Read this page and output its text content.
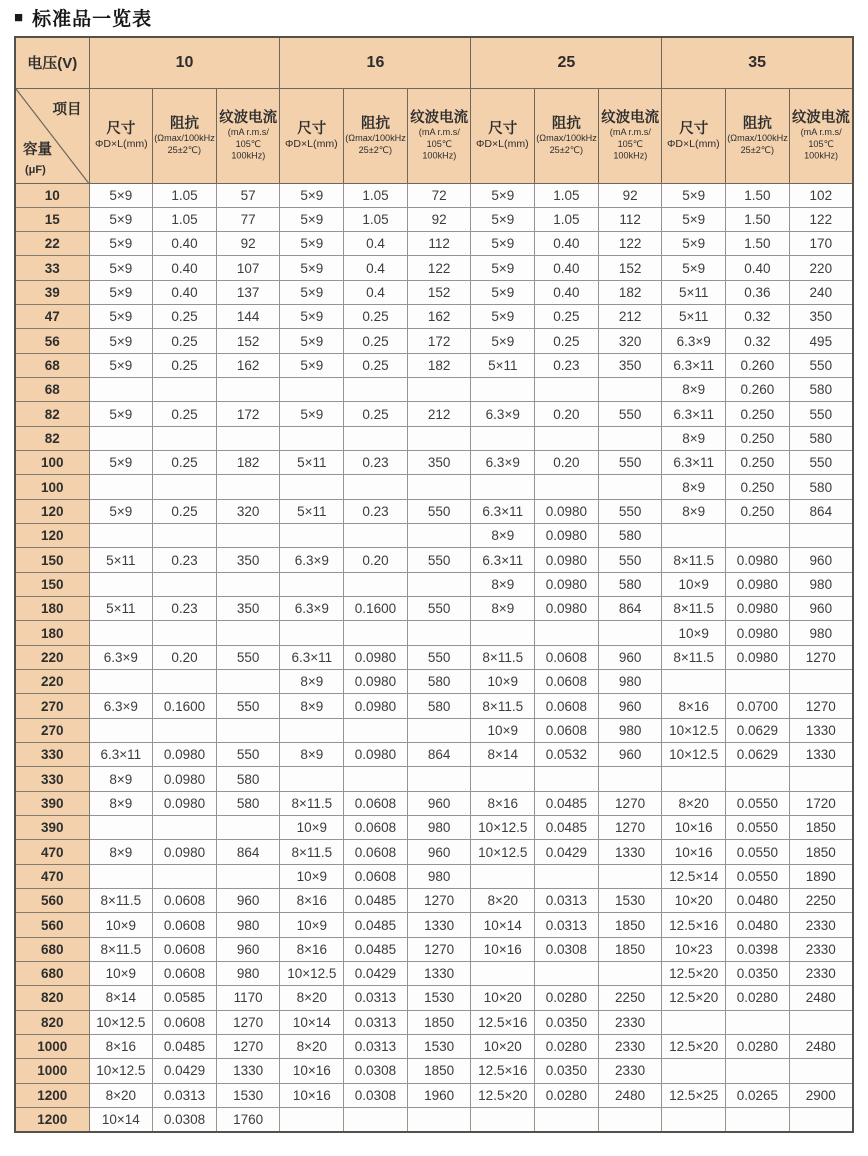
■ 标准品一览表
电压(V)	10			16			25			35		

项目
容量
(μF)	尺寸
ΦD×L(mm)	阻抗
(Ωmax/100kHz
25±2℃)	纹波电流
(mA r.m.s/
105℃ 100kHz)	尺寸
ΦD×L(mm)	阻抗
(Ωmax/100kHz
25±2℃)	纹波电流
(mA r.m.s/
105℃ 100kHz)	尺寸
ΦD×L(mm)	阻抗
(Ωmax/100kHz
25±2℃)	纹波电流
(mA r.m.s/
105℃ 100kHz)	尺寸
ΦD×L(mm)	阻抗
(Ωmax/100kHz
25±2℃)	纹波电流
(mA r.m.s/
105℃ 100kHz)

10	5×9	1.05	57	5×9	1.05	72	5×9	1.05	92	5×9	1.50	102
15	5×9	1.05	77	5×9	1.05	92	5×9	1.05	112	5×9	1.50	122
22	5×9	0.40	92	5×9	0.4	112	5×9	0.40	122	5×9	1.50	170
33	5×9	0.40	107	5×9	0.4	122	5×9	0.40	152	5×9	0.40	220
39	5×9	0.40	137	5×9	0.4	152	5×9	0.40	182	5×11	0.36	240
47	5×9	0.25	144	5×9	0.25	162	5×9	0.25	212	5×11	0.32	350
56	5×9	0.25	152	5×9	0.25	172	5×9	0.25	320	6.3×9	0.32	495
68	5×9	0.25	162	5×9	0.25	182	5×11	0.23	350	6.3×11	0.260	550
68										8×9	0.260	580
82	5×9	0.25	172	5×9	0.25	212	6.3×9	0.20	550	6.3×11	0.250	550
82										8×9	0.250	580
100	5×9	0.25	182	5×11	0.23	350	6.3×9	0.20	550	6.3×11	0.250	550
100										8×9	0.250	580
120	5×9	0.25	320	5×11	0.23	550	6.3×11	0.0980	550	8×9	0.250	864
120							8×9	0.0980	580			
150	5×11	0.23	350	6.3×9	0.20	550	6.3×11	0.0980	550	8×11.5	0.0980	960
150							8×9	0.0980	580	10×9	0.0980	980
180	5×11	0.23	350	6.3×9	0.1600	550	8×9	0.0980	864	8×11.5	0.0980	960
180										10×9	0.0980	980
220	6.3×9	0.20	550	6.3×11	0.0980	550	8×11.5	0.0608	960	8×11.5	0.0980	1270
220				8×9	0.0980	580	10×9	0.0608	980			
270	6.3×9	0.1600	550	8×9	0.0980	580	8×11.5	0.0608	960	8×16	0.0700	1270
270							10×9	0.0608	980	10×12.5	0.0629	1330
330	6.3×11	0.0980	550	8×9	0.0980	864	8×14	0.0532	960	10×12.5	0.0629	1330
330	8×9	0.0980	580									
390	8×9	0.0980	580	8×11.5	0.0608	960	8×16	0.0485	1270	8×20	0.0550	1720
390				10×9	0.0608	980	10×12.5	0.0485	1270	10×16	0.0550	1850
470	8×9	0.0980	864	8×11.5	0.0608	960	10×12.5	0.0429	1330	10×16	0.0550	1850
470				10×9	0.0608	980				12.5×14	0.0550	1890
560	8×11.5	0.0608	960	8×16	0.0485	1270	8×20	0.0313	1530	10×20	0.0480	2250
560	10×9	0.0608	980	10×9	0.0485	1330	10×14	0.0313	1850	12.5×16	0.0480	2330
680	8×11.5	0.0608	960	8×16	0.0485	1270	10×16	0.0308	1850	10×23	0.0398	2330
680	10×9	0.0608	980	10×12.5	0.0429	1330				12.5×20	0.0350	2330
820	8×14	0.0585	1170	8×20	0.0313	1530	10×20	0.0280	2250	12.5×20	0.0280	2480
820	10×12.5	0.0608	1270	10×14	0.0313	1850	12.5×16	0.0350	2330			
1000	8×16	0.0485	1270	8×20	0.0313	1530	10×20	0.0280	2330	12.5×20	0.0280	2480
1000	10×12.5	0.0429	1330	10×16	0.0308	1850	12.5×16	0.0350	2330			
1200	8×20	0.0313	1530	10×16	0.0308	1960	12.5×20	0.0280	2480	12.5×25	0.0265	2900
1200	10×14	0.0308	1760									
